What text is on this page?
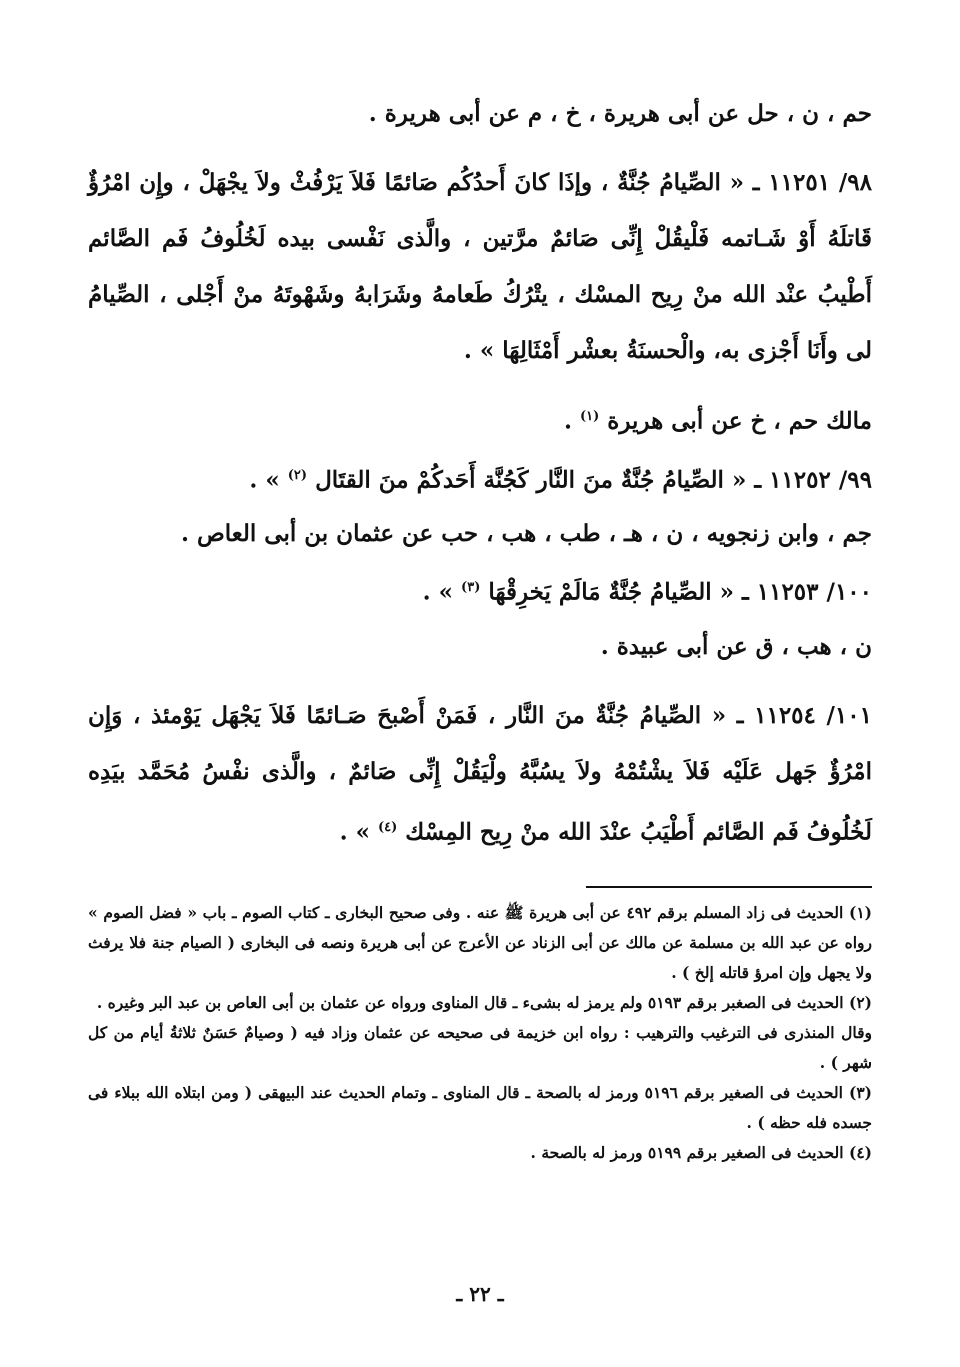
حم ، ن ، حل عن أبى هريرة ، خ ، م عن أبى هريرة .

٩٨/ ١١٢٥١ ـ « الصِّيامُ جُنَّةٌ ، وإذَا كانَ أَحدُكُم صَائمًا فَلاَ يَرْفُثْ ولاَ يجْهَلْ ، وإِن امْرُؤٌ قَاتلَهُ أَوْ شَـاتمه فَلْيقُلْ إِنِّى صَائمٌ مرَّتين ، والَّذى نَفْسى بيده لَخُلُوفُ فَم الصَّائم أَطْيبُ عنْد الله منْ رِيح المسْك ، يتْرُكُ طَعامهُ وشَرَابهُ وشَهْوتَهُ منْ أَجْلى ، الصِّيامُ لى وأَنَا أَجْزى به، والْحسنَةُ بعشْر أَمْثَالِهَا » .

مالك حم ، خ عن أبى هريرة $^{(١)}$ .

٩٩/ ١١٢٥٢ ـ « الصِّيامُ جُنَّةٌ منَ النَّار كَجُنَّة أَحَدكُمْ منَ القتَال $^{(٢)}$ » .

جم ، وابن زنجويه ، ن ، هـ ، طب ، هب ، حب عن عثمان بن أبى العاص .

١٠٠/ ١١٢٥٣ ـ « الصِّيامُ جُنَّةٌ مَالَمْ يَخرِقْهَا $^{(٣)}$ » .

ن ، هب ، ق عن أبى عبيدة .

١٠١/ ١١٢٥٤ ـ « الصِّيامُ جُنَّةٌ منَ النَّار ، فَمَنْ أَصْبحَ صَـائمًا فَلاَ يَجْهَل يَوْمئذ ، وَإِن امْرُؤٌ جَهل عَلَيْه فَلاَ يشْتُمْهُ ولاَ يسُبَّهُ ولْيَقُلْ إِنِّى صَائمٌ ، والَّذى نفْسُ مُحَمَّد بيَدِه لَخُلُوفُ فَم الصَّائم أَطْيَبُ عنْدَ الله منْ رِيح المِسْك $^{(٤)}$ » .

(١) الحديث فى زاد المسلم برقم ٤٩٢ عن أبى هريرة ﷺ عنه . وفى صحيح البخارى ـ كتاب الصوم ـ باب « فضل الصوم » رواه عن عبد الله بن مسلمة عن مالك عن أبى الزناد عن الأعرج عن أبى هريرة ونصه فى البخارى ( الصيام جنة فلا يرفث ولا يجهل وإن امرؤ قاتله إلخ ) .

(٢) الحديث فى الصغبر برقم ٥١٩٣ ولم يرمز له بشىء ـ قال المناوى ورواه عن عثمان بن أبى العاص بن عبد البر وغيره .

وقال المنذرى فى الترغيب والترهيب : رواه ابن خزيمة فى صحيحه عن عثمان وزاد فيه ( وصيامٌ حَسَنٌ ثلاثةُ أيام من كل شهر ) .

(٣) الحديث فى الصغير برقم ٥١٩٦ ورمز له بالصحة ـ قال المناوى ـ وتمام الحديث عند البيهقى ( ومن ابتلاه الله ببلاء فى جسده فله حظه ) .

(٤) الحديث فى الصغير برقم ٥١٩٩ ورمز له بالصحة .

ـ ٢٢ ـ
